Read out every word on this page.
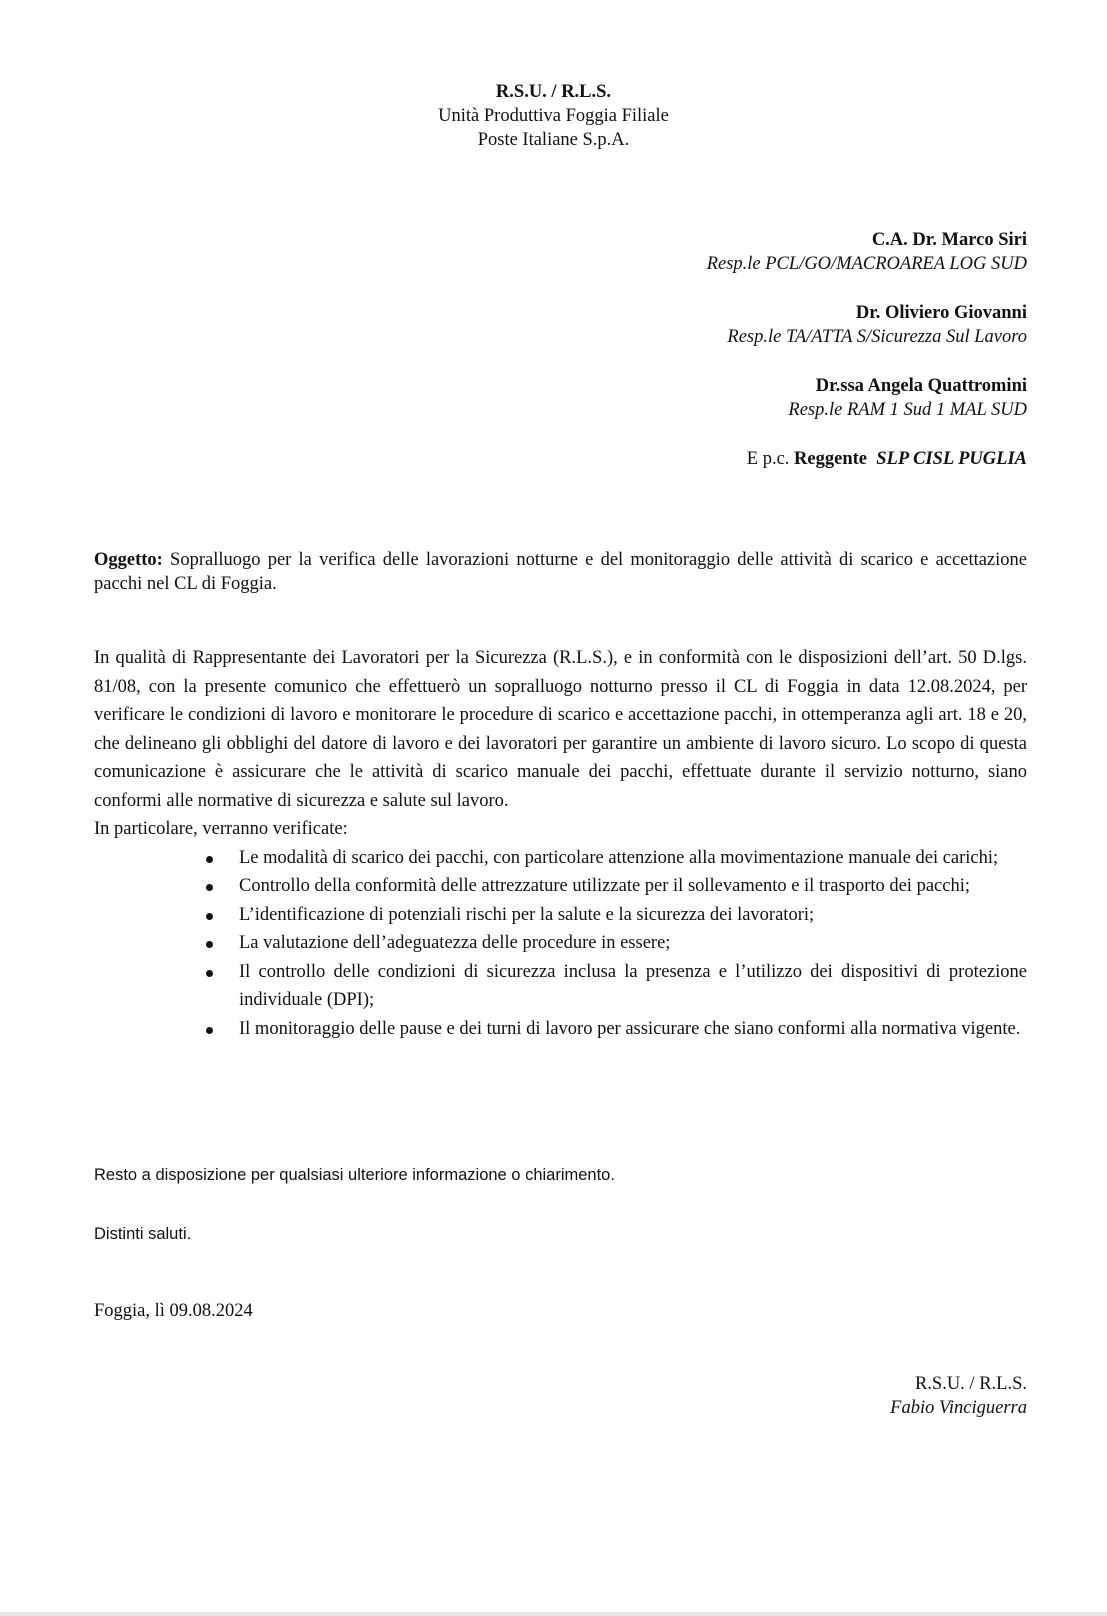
R.S.U. / R.L.S.
Unità Produttiva Foggia Filiale
Poste Italiane S.p.A.
C.A. Dr. Marco Siri
Resp.le PCL/GO/MACROAREA LOG SUD
Dr. Oliviero Giovanni
Resp.le TA/ATTA S/Sicurezza Sul Lavoro
Dr.ssa Angela Quattromini
Resp.le RAM 1 Sud 1 MAL SUD
E p.c. Reggente SLP CISL PUGLIA
Oggetto: Sopralluogo per la verifica delle lavorazioni notturne e del monitoraggio delle attività di scarico e accettazione pacchi nel CL di Foggia.

In qualità di Rappresentante dei Lavoratori per la Sicurezza (R.L.S.), e in conformità con le disposizioni dell’art. 50 D.lgs. 81/08, con la presente comunico che effettuerò un sopralluogo notturno presso il CL di Foggia in data 12.08.2024, per verificare le condizioni di lavoro e monitorare le procedure di scarico e accettazione pacchi, in ottemperanza agli art. 18 e 20, che delineano gli obblighi del datore di lavoro e dei lavoratori per garantire un ambiente di lavoro sicuro. Lo scopo di questa comunicazione è assicurare che le attività di scarico manuale dei pacchi, effettuate durante il servizio notturno, siano conformi alle normative di sicurezza e salute sul lavoro.

In particolare, verranno verificate:

Le modalità di scarico dei pacchi, con particolare attenzione alla movimentazione manuale dei carichi;
Controllo della conformità delle attrezzature utilizzate per il sollevamento e il trasporto dei pacchi;
L’identificazione di potenziali rischi per la salute e la sicurezza dei lavoratori;
La valutazione dell’adeguatezza delle procedure in essere;
Il controllo delle condizioni di sicurezza inclusa la presenza e l’utilizzo dei dispositivi di protezione individuale (DPI);
Il monitoraggio delle pause e dei turni di lavoro per assicurare che siano conformi alla normativa vigente.
Resto a disposizione per qualsiasi ulteriore informazione o chiarimento.
Distinti saluti.
Foggia, lì 09.08.2024
R.S.U. / R.L.S.
Fabio Vinciguerra
